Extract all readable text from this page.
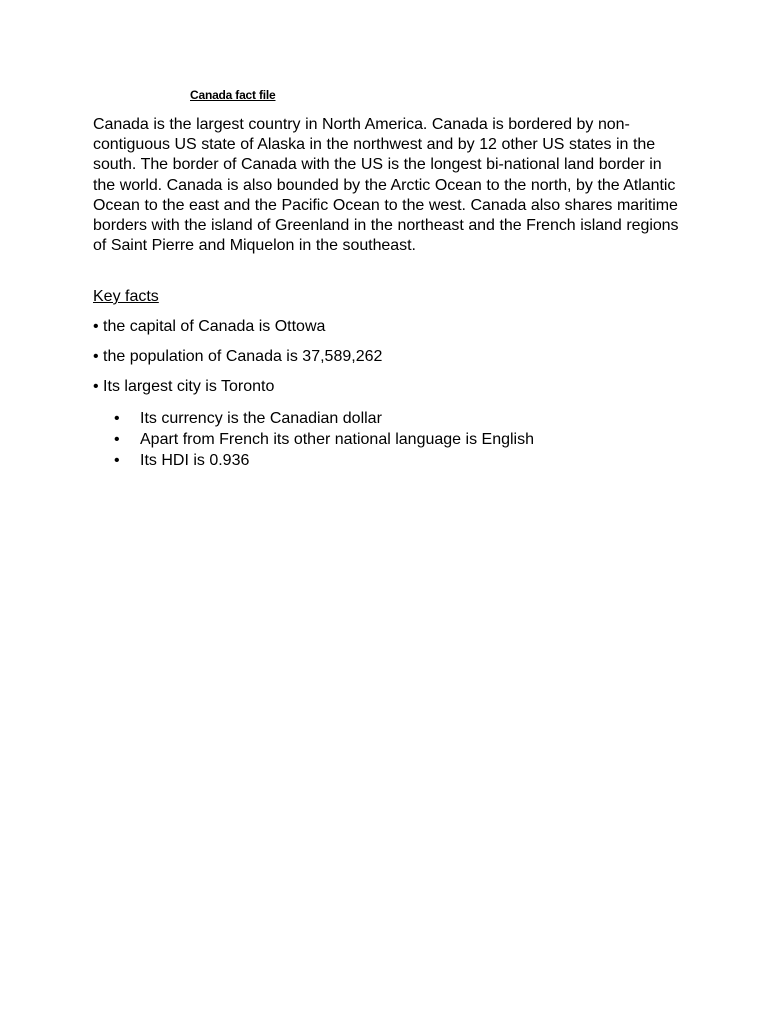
Canada fact file
Canada is the largest country in North America. Canada is bordered by non-contiguous US state of Alaska in the northwest and by 12 other US states in the south. The border of Canada with the US is the longest bi-national land border in the world. Canada is also bounded by the Arctic Ocean to the north, by the Atlantic Ocean to the east and the Pacific Ocean to the west. Canada also shares maritime borders with the island of Greenland in the northeast and the French island regions of Saint Pierre and Miquelon in the southeast.
Key facts
• the capital of Canada is Ottowa
• the population of Canada is 37,589,262
• Its largest city is Toronto
• Its currency is the Canadian dollar
• Apart from French its other national language is English
• Its HDI is 0.936
